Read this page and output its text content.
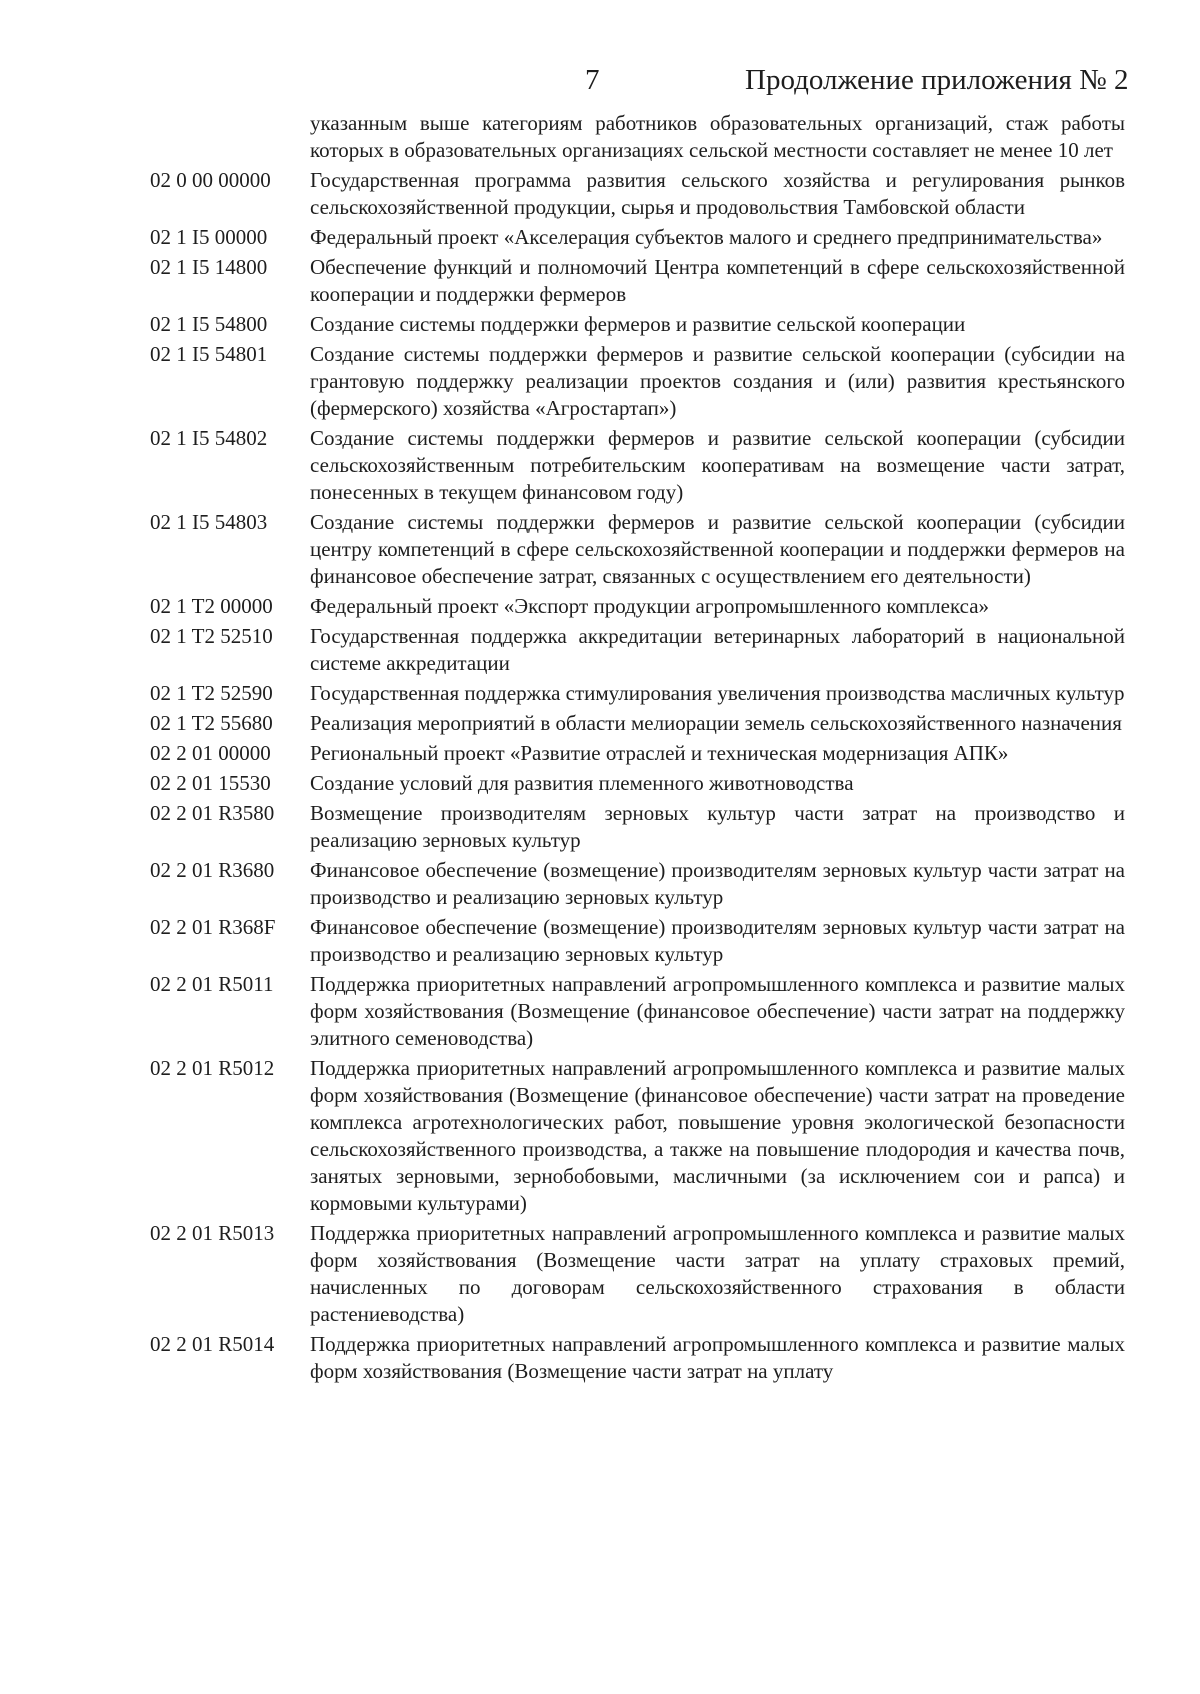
7	Продолжение приложения № 2
указанным выше категориям работников образовательных организаций, стаж работы которых в образовательных организациях сельской местности составляет не менее 10 лет
02 0 00 00000	Государственная программа развития сельского хозяйства и регулирования рынков сельскохозяйственной продукции, сырья и продовольствия Тамбовской области
02 1 I5 00000	Федеральный проект «Акселерация субъектов малого и среднего предпринимательства»
02 1 I5 14800	Обеспечение функций и полномочий Центра компетенций в сфере сельскохозяйственной кооперации и поддержки фермеров
02 1 I5 54800	Создание системы поддержки фермеров и развитие сельской кооперации
02 1 I5 54801	Создание системы поддержки фермеров и развитие сельской кооперации (субсидии на грантовую поддержку реализации проектов создания и (или) развития крестьянского (фермерского) хозяйства «Агростартап»)
02 1 I5 54802	Создание системы поддержки фермеров и развитие сельской кооперации (субсидии сельскохозяйственным потребительским кооперативам на возмещение части затрат, понесенных в текущем финансовом году)
02 1 I5 54803	Создание системы поддержки фермеров и развитие сельской кооперации (субсидии центру компетенций в сфере сельскохозяйственной кооперации и поддержки фермеров на финансовое обеспечение затрат, связанных с осуществлением его деятельности)
02 1 T2 00000	Федеральный проект «Экспорт продукции агропромышленного комплекса»
02 1 T2 52510	Государственная поддержка аккредитации ветеринарных лабораторий в национальной системе аккредитации
02 1 T2 52590	Государственная поддержка стимулирования увеличения производства масличных культур
02 1 T2 55680	Реализация мероприятий в области мелиорации земель сельскохозяйственного назначения
02 2 01 00000	Региональный проект «Развитие отраслей и техническая модернизация АПК»
02 2 01 15530	Создание условий для развития племенного животноводства
02 2 01 R3580	Возмещение производителям зерновых культур части затрат на производство и реализацию зерновых культур
02 2 01 R3680	Финансовое обеспечение (возмещение) производителям зерновых культур части затрат на производство и реализацию зерновых культур
02 2 01 R368F	Финансовое обеспечение (возмещение) производителям зерновых культур части затрат на производство и реализацию зерновых культур
02 2 01 R5011	Поддержка приоритетных направлений агропромышленного комплекса и развитие малых форм хозяйствования (Возмещение (финансовое обеспечение) части затрат на поддержку элитного семеноводства)
02 2 01 R5012	Поддержка приоритетных направлений агропромышленного комплекса и развитие малых форм хозяйствования (Возмещение (финансовое обеспечение) части затрат на проведение комплекса агротехнологических работ, повышение уровня экологической безопасности сельскохозяйственного производства, а также на повышение плодородия и качества почв, занятых зерновыми, зернобобовыми, масличными (за исключением сои и рапса) и кормовыми культурами)
02 2 01 R5013	Поддержка приоритетных направлений агропромышленного комплекса и развитие малых форм хозяйствования (Возмещение части затрат на уплату страховых премий, начисленных по договорам сельскохозяйственного страхования в области растениеводства)
02 2 01 R5014	Поддержка приоритетных направлений агропромышленного комплекса и развитие малых форм хозяйствования (Возмещение части затрат на уплату
